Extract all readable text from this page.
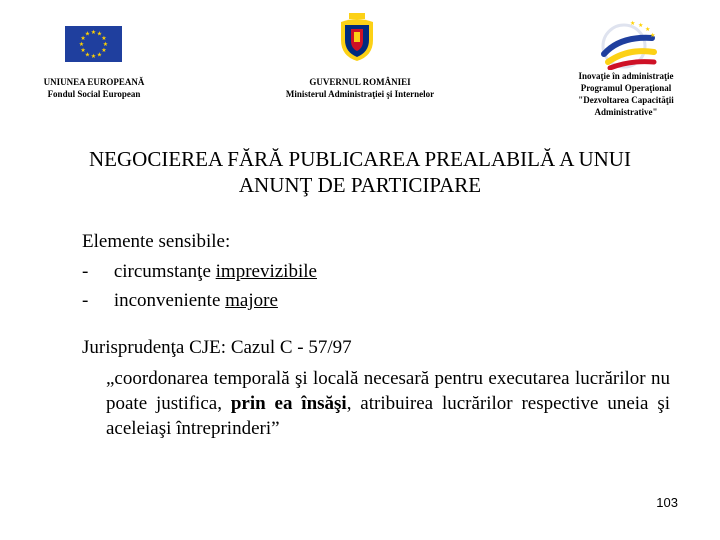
★ ★
★
★
★
★
★
★
★
★
★
★
UNIUNEA EUROPEANĂ
Fondul Social European
GUVERNUL ROMÂNIEI
Ministerul Administraţiei şi Internelor
★ ★
★
★
Inovaţie în administraţie
Programul Operaţional
"Dezvoltarea Capacităţii
Administrative"
NEGOCIEREA FĂRĂ PUBLICAREA PREALABILĂ A UNUI
ANUNŢ DE PARTICIPARE
Elemente sensibile:
- circumstanţe imprevizibile
- inconveniente majore
Jurisprudenţa CJE: Cazul C - 57/97
„coordonarea temporală şi locală necesară pentru executarea lucrărilor nu poate justifica, prin ea însăşi, atribuirea lucrărilor respective uneia şi aceleiaşi întreprinderi”
103
